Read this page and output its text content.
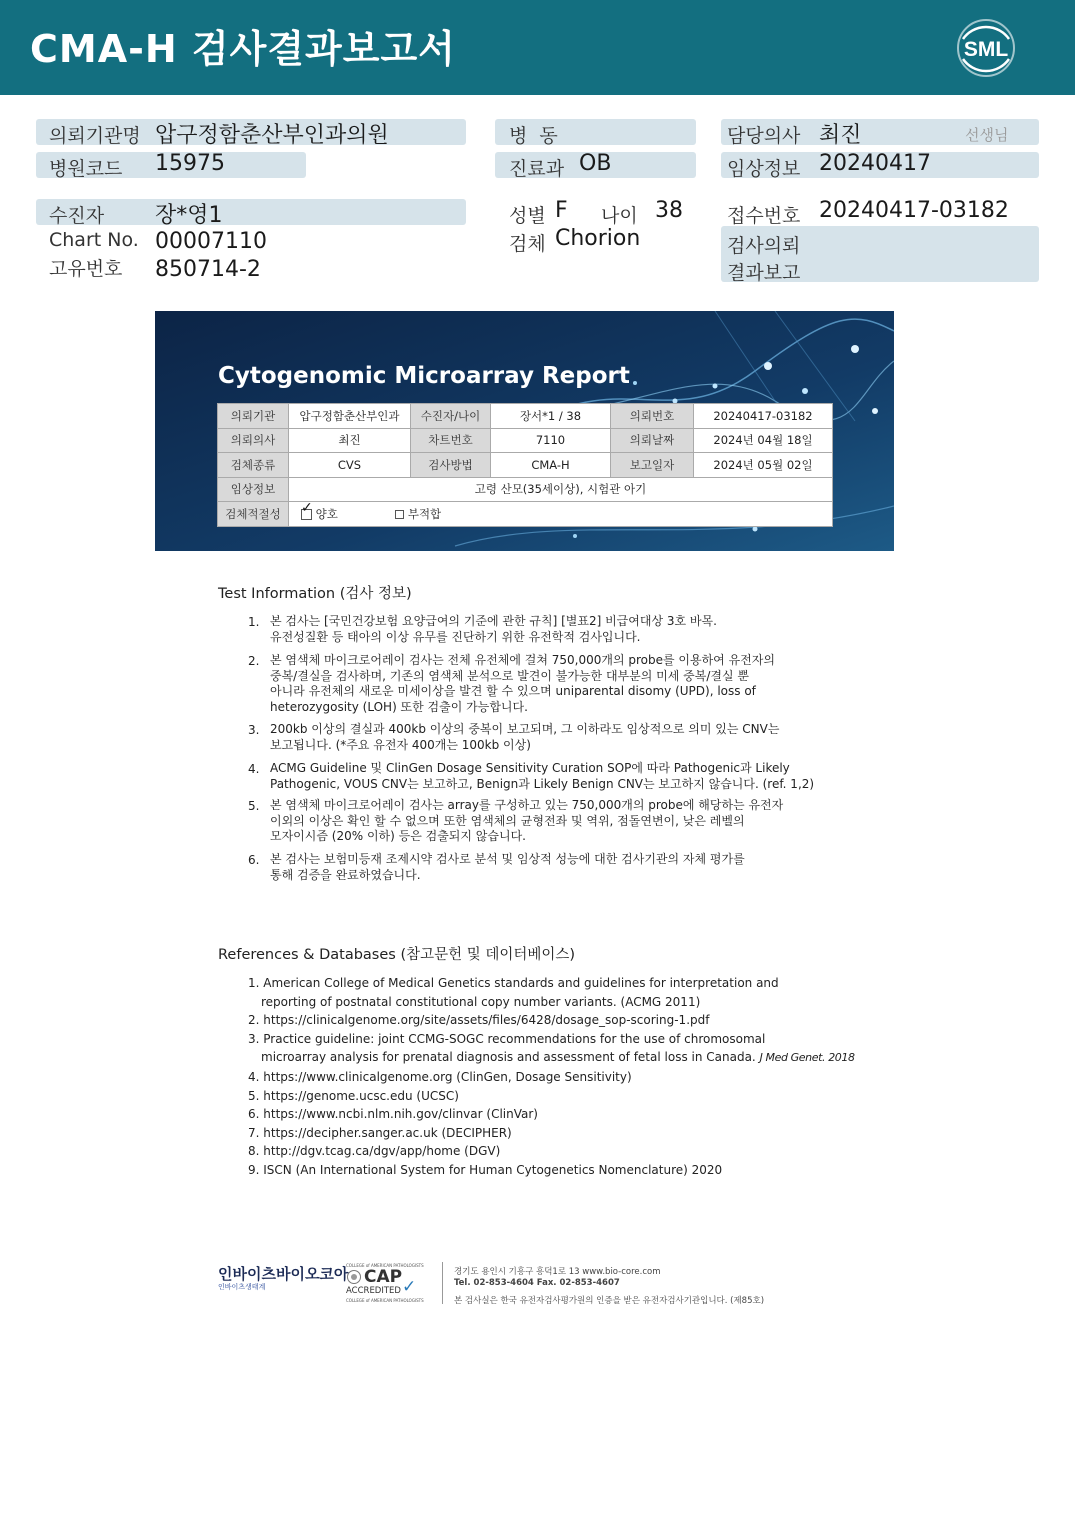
CMA-H 검사결과보고서	SML
의뢰기관명 압구정함춘산부인과의원
병원코드 15975
병  동
진료과 OB
담당의사 최진	선생님
임상정보 20240417
수진자 장*영1
Chart No. 00007110
고유번호 850714-2
성별 F 나이 38
검체 Chorion
접수번호 20240417-03182
검사의뢰
결과보고
Cytogenomic Microarray Report
의뢰기관	압구정함춘산부인과	수진자/나이	장서*1 / 38	의뢰번호	20240417-03182
의뢰의사	최진	차트번호	7110	의뢰날짜	2024년 04월 18일
검체종류	CVS	검사방법	CMA-H	보고일자	2024년 05월 02일
임상정보	고령 산모(35세이상), 시험관 아기				
검체적절성	✓ 양호 부적합				
Test Information (검사 정보)
1. 본 검사는 [국민건강보험 요양급여의 기준에 관한 규칙] [별표2] 비급여대상 3호 바목.
유전성질환 등 태아의 이상 유무를 진단하기 위한 유전학적 검사입니다.
2. 본 염색체 마이크로어레이 검사는 전체 유전체에 걸쳐 750,000개의 probe를 이용하여 유전자의
중복/결실을 검사하며, 기존의 염색체 분석으로 발견이 불가능한 대부분의 미세 중복/결실 뿐
아니라 유전체의 새로운 미세이상을 발견 할 수 있으며 uniparental disomy (UPD), loss of
heterozygosity (LOH) 또한 검출이 가능합니다.
3. 200kb 이상의 결실과 400kb 이상의 중복이 보고되며, 그 이하라도 임상적으로 의미 있는 CNV는
보고됩니다. (*주요 유전자 400개는 100kb 이상)
4. ACMG Guideline 및 ClinGen Dosage Sensitivity Curation SOP에 따라 Pathogenic과 Likely
Pathogenic, VOUS CNV는 보고하고, Benign과 Likely Benign CNV는 보고하지 않습니다. (ref. 1,2)
5. 본 염색체 마이크로어레이 검사는 array를 구성하고 있는 750,000개의 probe에 해당하는 유전자
이외의 이상은 확인 할 수 없으며 또한 염색체의 균형전좌 및 역위, 점돌연변이, 낮은 레벨의
모자이시즘 (20% 이하) 등은 검출되지 않습니다.
6. 본 검사는 보험미등재 조제시약 검사로 분석 및 임상적 성능에 대한 검사기관의 자체 평가를
통해 검증을 완료하였습니다.
References & Databases (참고문헌 및 데이터베이스)
1. American College of Medical Genetics standards and guidelines for interpretation and
reporting of postnatal constitutional copy number variants. (ACMG 2011)
2. https://clinicalgenome.org/site/assets/files/6428/dosage_sop-scoring-1.pdf
3. Practice guideline: joint CCMG-SOGC recommendations for the use of chromosomal
microarray analysis for prenatal diagnosis and assessment of fetal loss in Canada. J Med Genet. 2018
4. https://www.clinicalgenome.org (ClinGen, Dosage Sensitivity)
5. https://genome.ucsc.edu (UCSC)
6. https://www.ncbi.nlm.nih.gov/clinvar (ClinVar)
7. https://decipher.sanger.ac.uk (DECIPHER)
8. http://dgv.tcag.ca/dgv/app/home (DGV)
9. ISCN (An International System for Human Cytogenetics Nomenclature) 2020
인바이츠바이오코아
인바이츠생태계
COLLEGE of AMERICAN PATHOLOGISTS
CAP
ACCREDITED ✓
COLLEGE of AMERICAN PATHOLOGISTS
경기도 용인시 기흥구 흥덕1로 13 www.bio-core.com
Tel. 02-853-4604 Fax. 02-853-4607
본 검사실은 한국 유전자검사평가원의 인증을 받은 유전자검사기관입니다. (제85호)
